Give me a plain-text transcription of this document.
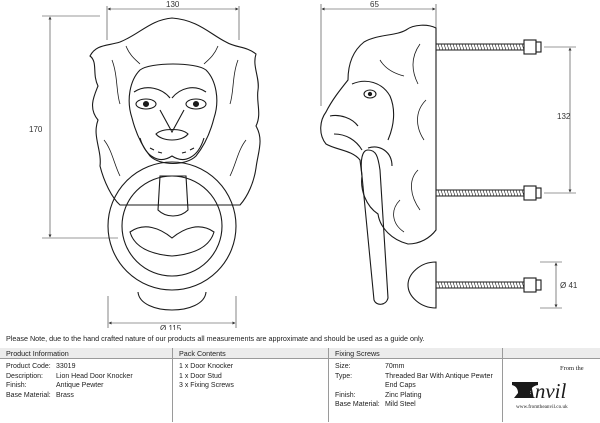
130
170
Ø 115
65
132
Ø 41
Please Note, due to the hand crafted nature of our products all measurements are approximate and should be used as a guide only.
Product Information	Pack Contents	Fixing Screws
Product Code: 33019
Description: Lion Head Door Knocker
Finish:	Antique Pewter
Base Material: Brass
1 x Door Knocker
1 x Door Stud
3 x Fixing Screws
Size:	70mm
Type:	Threaded Bar With Antique Pewter
End Caps
Finish:	Zinc Plating
Base Material: Mild Steel
From the
Anvil
www.fromtheanvil.co.uk
